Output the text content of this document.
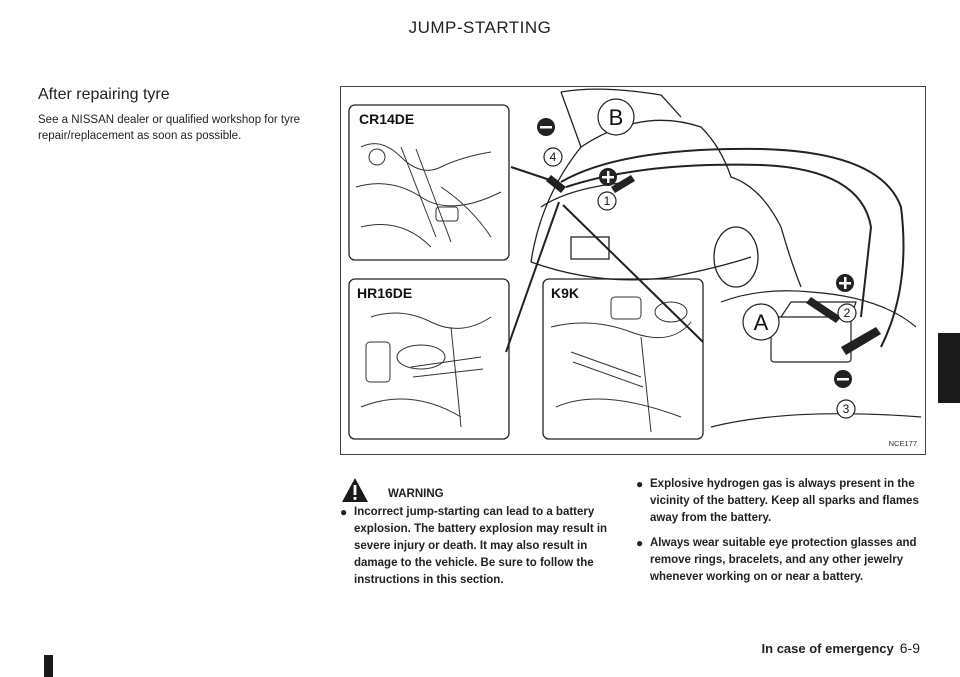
JUMP-STARTING
After repairing tyre
See a NISSAN dealer or qualified workshop for tyre repair/replacement as soon as possible.
CR14DE
HR16DE	K9K
4
1
2
3
B
A
NCE177
WARNING
● Incorrect jump-starting can lead to a battery explosion. The battery explosion may result in severe injury or death. It may also result in damage to the vehicle. Be sure to follow the instructions in this section.
● Explosive hydrogen gas is always present in the vicinity of the battery. Keep all sparks and flames away from the battery.
● Always wear suitable eye protection glasses and remove rings, bracelets, and any other jewelry whenever working on or near a battery.
In case of emergency 6-9
